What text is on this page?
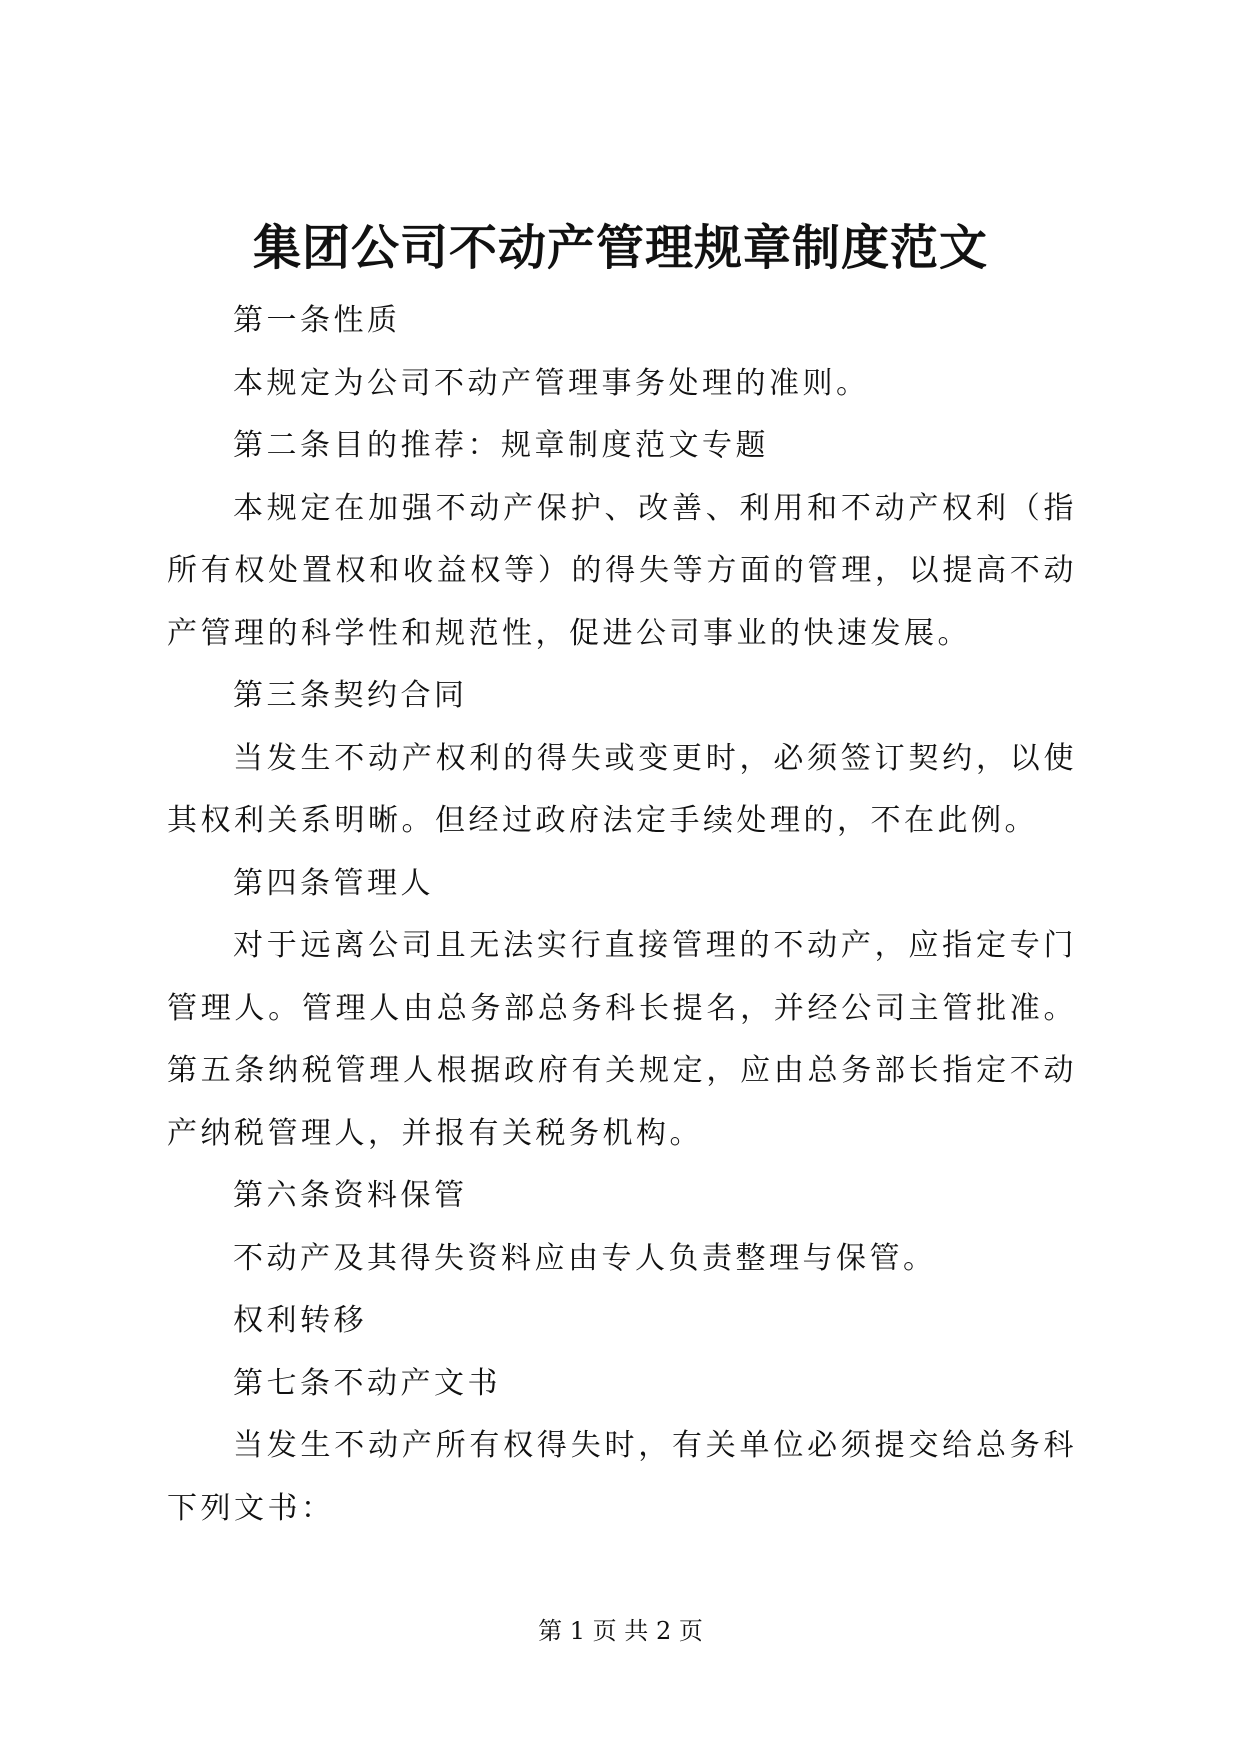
集团公司不动产管理规章制度范文

第一条性质

本规定为公司不动产管理事务处理的准则。

第二条目的推荐：规章制度范文专题

本规定在加强不动产保护、改善、利用和不动产权利（指所有权处置权和收益权等）的得失等方面的管理，以提高不动产管理的科学性和规范性，促进公司事业的快速发展。

第三条契约合同

当发生不动产权利的得失或变更时，必须签订契约，以使其权利关系明晰。但经过政府法定手续处理的，不在此例。

第四条管理人

对于远离公司且无法实行直接管理的不动产，应指定专门管理人。管理人由总务部总务科长提名，并经公司主管批准。第五条纳税管理人根据政府有关规定，应由总务部长指定不动产纳税管理人，并报有关税务机构。

第六条资料保管

不动产及其得失资料应由专人负责整理与保管。

权利转移

第七条不动产文书

当发生不动产所有权得失时，有关单位必须提交给总务科下列文书：

第 1 页 共 2 页
